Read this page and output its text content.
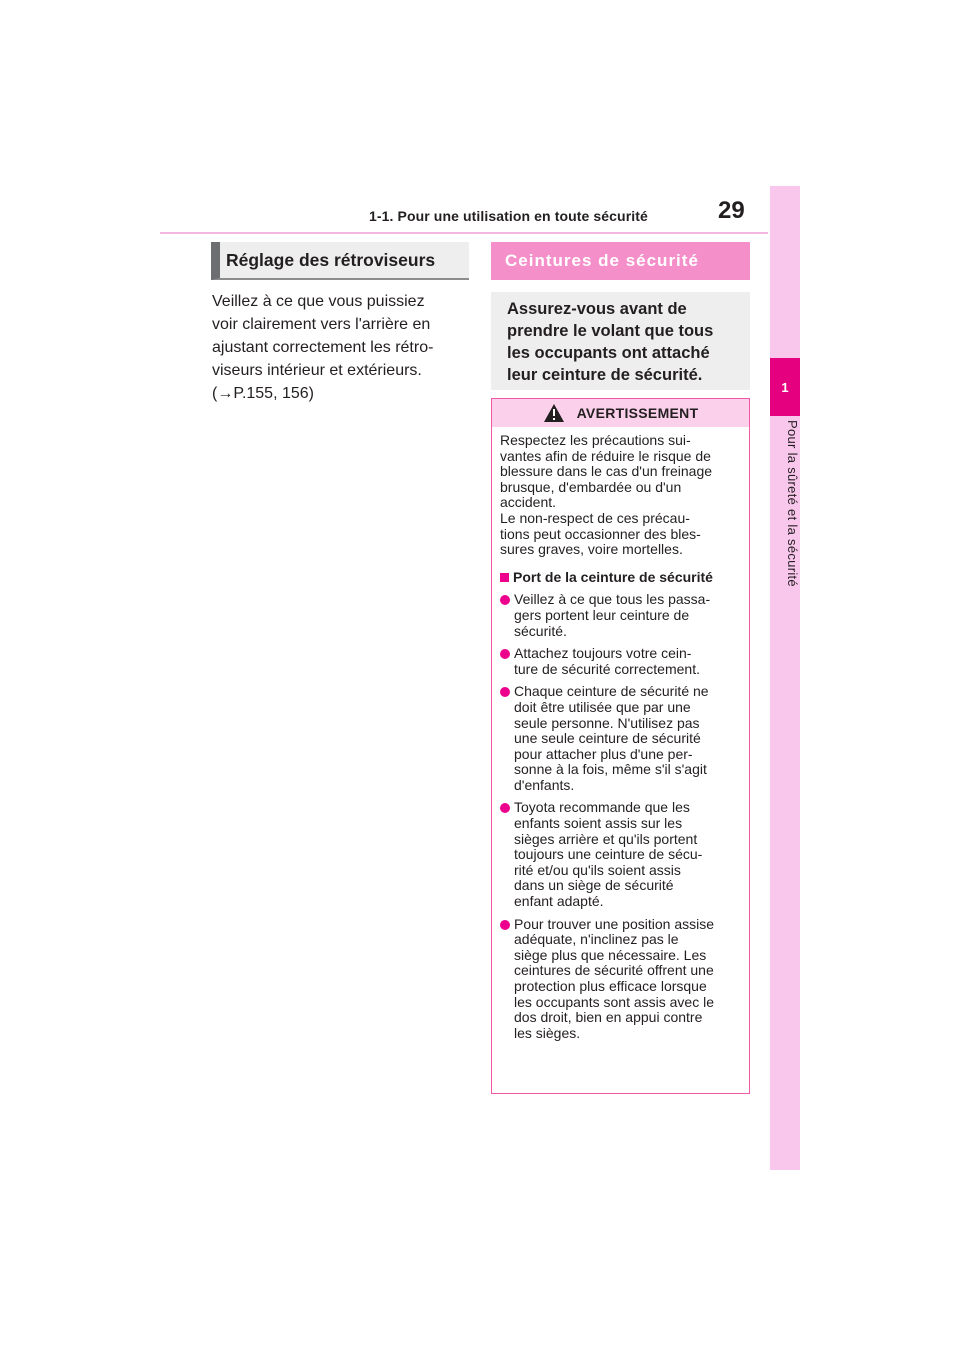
1-1. Pour une utilisation en toute sécurité	29
1
Pour la sûreté et la sécurité
Réglage des rétroviseurs
Veillez à ce que vous puissiez
voir clairement vers l'arrière en
ajustant correctement les rétro-
viseurs intérieur et extérieurs.
(→P.155, 156)
Ceintures de sécurité
Assurez-vous avant de
prendre le volant que tous
les occupants ont attaché
leur ceinture de sécurité.
AVERTISSEMENT

Respectez les précautions sui-

vantes afin de réduire le risque de

blessure dans le cas d'un freinage

brusque, d'embardée ou d'un

accident.

Le non-respect de ces précau-

tions peut occasionner des bles-

sures graves, voire mortelles.

Port de la ceinture de sécurité

Veillez à ce que tous les passa-

gers portent leur ceinture de

sécurité.

Attachez toujours votre cein-

ture de sécurité correctement.

Chaque ceinture de sécurité ne

doit être utilisée que par une

seule personne. N'utilisez pas

une seule ceinture de sécurité

pour attacher plus d'une per-

sonne à la fois, même s'il s'agit

d'enfants.

Toyota recommande que les

enfants soient assis sur les

sièges arrière et qu'ils portent

toujours une ceinture de sécu-

rité et/ou qu'ils soient assis

dans un siège de sécurité

enfant adapté.

Pour trouver une position assise

adéquate, n'inclinez pas le

siège plus que nécessaire. Les

ceintures de sécurité offrent une

protection plus efficace lorsque

les occupants sont assis avec le

dos droit, bien en appui contre

les sièges.
